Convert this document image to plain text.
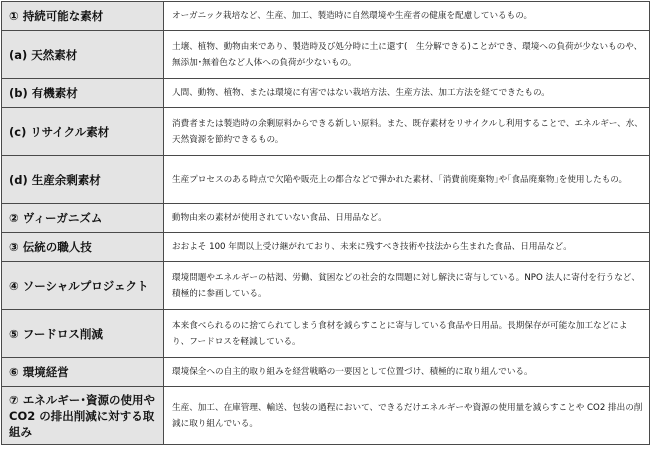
① 持続可能な素材	オーガニック栽培など、生産、加工、製造時に自然環境や生産者の健康を配慮しているもの。
(a) 天然素材	土壌、植物、動物由来であり、製造時及び処分時に土に還す(　生分解できる)ことができ、環境への負荷が少ないものや、無添加･無着色など人体への負荷が少ないもの。
(b) 有機素材	人間、動物、植物、または環境に有害ではない栽培方法、生産方法、加工方法を経てできたもの。
(c) リサイクル素材	消費者または製造時の余剰原料からできる新しい原料。また、既存素材をリサイクルし利用することで、エネルギー、水、天然資源を節約できるもの。
(d) 生産余剰素材	生産プロセスのある時点で欠陥や販売上の都合などで弾かれた素材、｢消費前廃棄物｣や｢食品廃棄物｣を使用したもの。
② ヴィーガニズム	動物由来の素材が使用されていない食品、日用品など。
③ 伝統の職人技	おおよそ 100 年間以上受け継がれており、未来に残すべき技術や技法から生まれた食品、日用品など。
④ ソーシャルプロジェクト	環境問題やエネルギーの枯渇、労働、貧困などの社会的な問題に対し解決に寄与している。NPO 法人に寄付を行うなど、積極的に参画している。
⑤ フードロス削減	本来食べられるのに捨てられてしまう食材を減らすことに寄与している食品や日用品。長期保存が可能な加工などにより、フードロスを軽減している。
⑥ 環境経営	環境保全への自主的取り組みを経営戦略の一要因として位置づけ、積極的に取り組んでいる。
⑦ エネルギー･資源の使用や CO2 の排出削減に対する取組み	生産、加工、在庫管理、輸送、包装の過程において、できるだけエネルギーや資源の使用量を減らすことや CO2 排出の削減に取り組んでいる。
